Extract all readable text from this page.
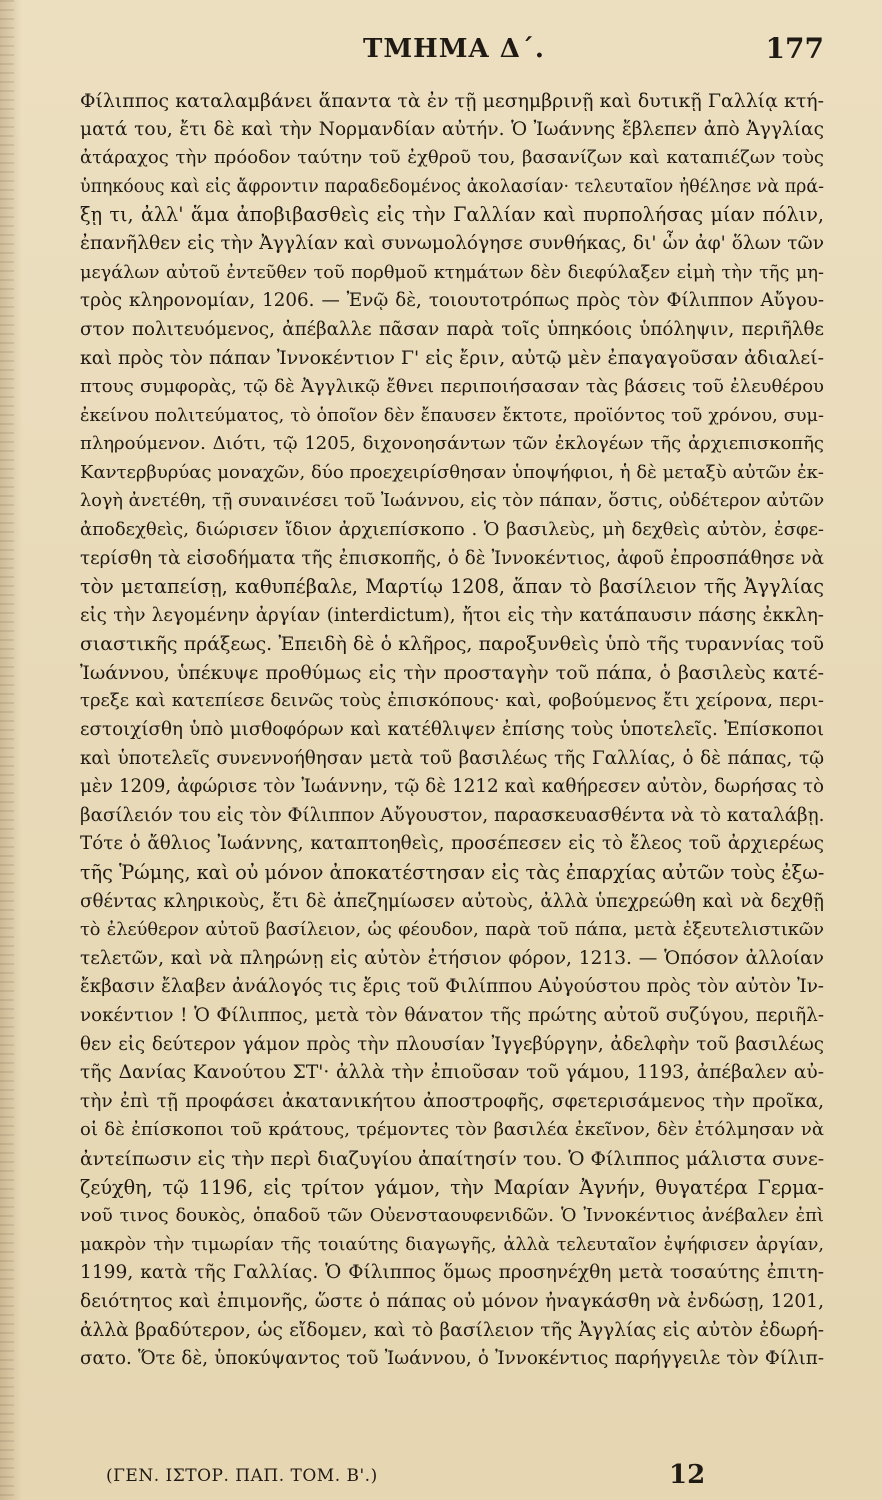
ΤΜΗΜΑ Δ΄.	177
Φίλιππος καταλαμβάνει ἅπαντα τὰ ἐν τῇ μεσημβρινῇ καὶ δυτικῇ Γαλλίᾳ κτή-
ματά του, ἔτι δὲ καὶ τὴν Νορμανδίαν αὐτήν. Ὁ Ἰωάννης ἔβλεπεν ἀπὸ Ἀγγλίας
ἀτάραχος τὴν πρόοδον ταύτην τοῦ ἐχθροῦ του, βασανίζων καὶ καταπιέζων τοὺς
ὑπηκόους καὶ εἰς ἄφροντιν παραδεδομένος ἀκολασίαν· τελευταῖον ἠθέλησε νὰ πρά-
ξῃ τι, ἀλλ' ἅμα ἀποβιβασθεὶς εἰς τὴν Γαλλίαν καὶ πυρπολήσας μίαν πόλιν,
ἐπανῆλθεν εἰς τὴν Ἀγγλίαν καὶ συνωμολόγησε συνθήκας, δι' ὧν ἀφ' ὅλων τῶν
μεγάλων αὐτοῦ ἐντεῦθεν τοῦ πορθμοῦ κτημάτων δὲν διεφύλαξεν εἰμὴ τὴν τῆς μη-
τρὸς κληρονομίαν, 1206. — Ἐνῷ δὲ, τοιουτοτρόπως πρὸς τὸν Φίλιππον Αὔγου-
στον πολιτευόμενος, ἀπέβαλλε πᾶσαν παρὰ τοῖς ὑπηκόοις ὑπόληψιν, περιῆλθε
καὶ πρὸς τὸν πάπαν Ἰννοκέντιον Γ' εἰς ἔριν, αὐτῷ μὲν ἐπαγαγοῦσαν ἀδιαλεί-
πτους συμφορὰς, τῷ δὲ Ἀγγλικῷ ἔθνει περιποιήσασαν τὰς βάσεις τοῦ ἐλευθέρου
ἐκείνου πολιτεύματος, τὸ ὁποῖον δὲν ἔπαυσεν ἔκτοτε, προϊόντος τοῦ χρόνου, συμ-
πληρούμενον. Διότι, τῷ 1205, διχονοησάντων τῶν ἐκλογέων τῆς ἀρχιεπισκοπῆς
Καντερβυρύας μοναχῶν, δύο προεχειρίσθησαν ὑποψήφιοι, ἡ δὲ μεταξὺ αὐτῶν ἐκ-
λογὴ ἀνετέθη, τῇ συναινέσει τοῦ Ἰωάννου, εἰς τὸν πάπαν, ὅστις, οὐδέτερον αὐτῶν
ἀποδεχθεὶς, διώρισεν ἴδιον ἀρχιεπίσκοπο . Ὁ βασιλεὺς, μὴ δεχθεὶς αὐτὸν, ἐσφε-
τερίσθη τὰ εἰσοδήματα τῆς ἐπισκοπῆς, ὁ δὲ Ἰννοκέντιος, ἀφοῦ ἐπροσπάθησε νὰ
τὸν μεταπείσῃ, καθυπέβαλε, Μαρτίῳ 1208, ἅπαν τὸ βασίλειον τῆς Ἀγγλίας
εἰς τὴν λεγομένην ἀργίαν (interdictum), ἤτοι εἰς τὴν κατάπαυσιν πάσης ἐκκλη-
σιαστικῆς πράξεως. Ἐπειδὴ δὲ ὁ κλῆρος, παροξυνθεὶς ὑπὸ τῆς τυραννίας τοῦ
Ἰωάννου, ὑπέκυψε προθύμως εἰς τὴν προσταγὴν τοῦ πάπα, ὁ βασιλεὺς κατέ-
τρεξε καὶ κατεπίεσε δεινῶς τοὺς ἐπισκόπους· καὶ, φοβούμενος ἔτι χείρονα, περι-
εστοιχίσθη ὑπὸ μισθοφόρων καὶ κατέθλιψεν ἐπίσης τοὺς ὑποτελεῖς. Ἐπίσκοποι
καὶ ὑποτελεῖς συνεννοήθησαν μετὰ τοῦ βασιλέως τῆς Γαλλίας, ὁ δὲ πάπας, τῷ
μὲν 1209, ἀφώρισε τὸν Ἰωάννην, τῷ δὲ 1212 καὶ καθήρεσεν αὐτὸν, δωρήσας τὸ
βασίλειόν του εἰς τὸν Φίλιππον Αὔγουστον, παρασκευασθέντα νὰ τὸ καταλάβῃ.
Τότε ὁ ἄθλιος Ἰωάννης, καταπτοηθεὶς, προσέπεσεν εἰς τὸ ἔλεος τοῦ ἀρχιερέως
τῆς Ῥώμης, καὶ οὐ μόνον ἀποκατέστησαν εἰς τὰς ἐπαρχίας αὐτῶν τοὺς ἐξω-
σθέντας κληρικοὺς, ἔτι δὲ ἀπεζημίωσεν αὐτοὺς, ἀλλὰ ὑπεχρεώθη καὶ νὰ δεχθῇ
τὸ ἐλεύθερον αὐτοῦ βασίλειον, ὡς φέουδον, παρὰ τοῦ πάπα, μετὰ ἐξευτελιστικῶν
τελετῶν, καὶ νὰ πληρώνῃ εἰς αὐτὸν ἐτήσιον φόρον, 1213. — Ὁπόσον ἀλλοίαν
ἔκβασιν ἔλαβεν ἀνάλογός τις ἔρις τοῦ Φιλίππου Αὐγούστου πρὸς τὸν αὐτὸν Ἰν-
νοκέντιον ! Ὁ Φίλιππος, μετὰ τὸν θάνατον τῆς πρώτης αὐτοῦ συζύγου, περιῆλ-
θεν εἰς δεύτερον γάμον πρὸς τὴν πλουσίαν Ἰγγεβύργην, ἀδελφὴν τοῦ βασιλέως
τῆς Δανίας Κανούτου ΣΤ'· ἀλλὰ τὴν ἐπιοῦσαν τοῦ γάμου, 1193, ἀπέβαλεν αὐ-
τὴν ἐπὶ τῇ προφάσει ἀκατανικήτου ἀποστροφῆς, σφετερισάμενος τὴν προῖκα,
οἱ δὲ ἐπίσκοποι τοῦ κράτους, τρέμοντες τὸν βασιλέα ἐκεῖνον, δὲν ἐτόλμησαν νὰ
ἀντείπωσιν εἰς τὴν περὶ διαζυγίου ἀπαίτησίν του. Ὁ Φίλιππος μάλιστα συνε-
ζεύχθη, τῷ 1196, εἰς τρίτον γάμον, τὴν Μαρίαν Ἀγνήν, θυγατέρα Γερμα-
νοῦ τινος δουκὸς, ὁπαδοῦ τῶν Οὐενσταουφενιδῶν. Ὁ Ἰννοκέντιος ἀνέβαλεν ἐπὶ
μακρὸν τὴν τιμωρίαν τῆς τοιαύτης διαγωγῆς, ἀλλὰ τελευταῖον ἐψήφισεν ἀργίαν,
1199, κατὰ τῆς Γαλλίας. Ὁ Φίλιππος ὅμως προσηνέχθη μετὰ τοσαύτης ἐπιτη-
δειότητος καὶ ἐπιμονῆς, ὥστε ὁ πάπας οὐ μόνον ἠναγκάσθη νὰ ἐνδώσῃ, 1201,
ἀλλὰ βραδύτερον, ὡς εἴδομεν, καὶ τὸ βασίλειον τῆς Ἀγγλίας εἰς αὐτὸν ἐδωρή-
σατο. Ὅτε δὲ, ὑποκύψαντος τοῦ Ἰωάννου, ὁ Ἰννοκέντιος παρήγγειλε τὸν Φίλιπ-
(ΓΕΝ. ΙΣΤΟΡ. ΠΑΠ. ΤΟΜ. Β'.)	12
